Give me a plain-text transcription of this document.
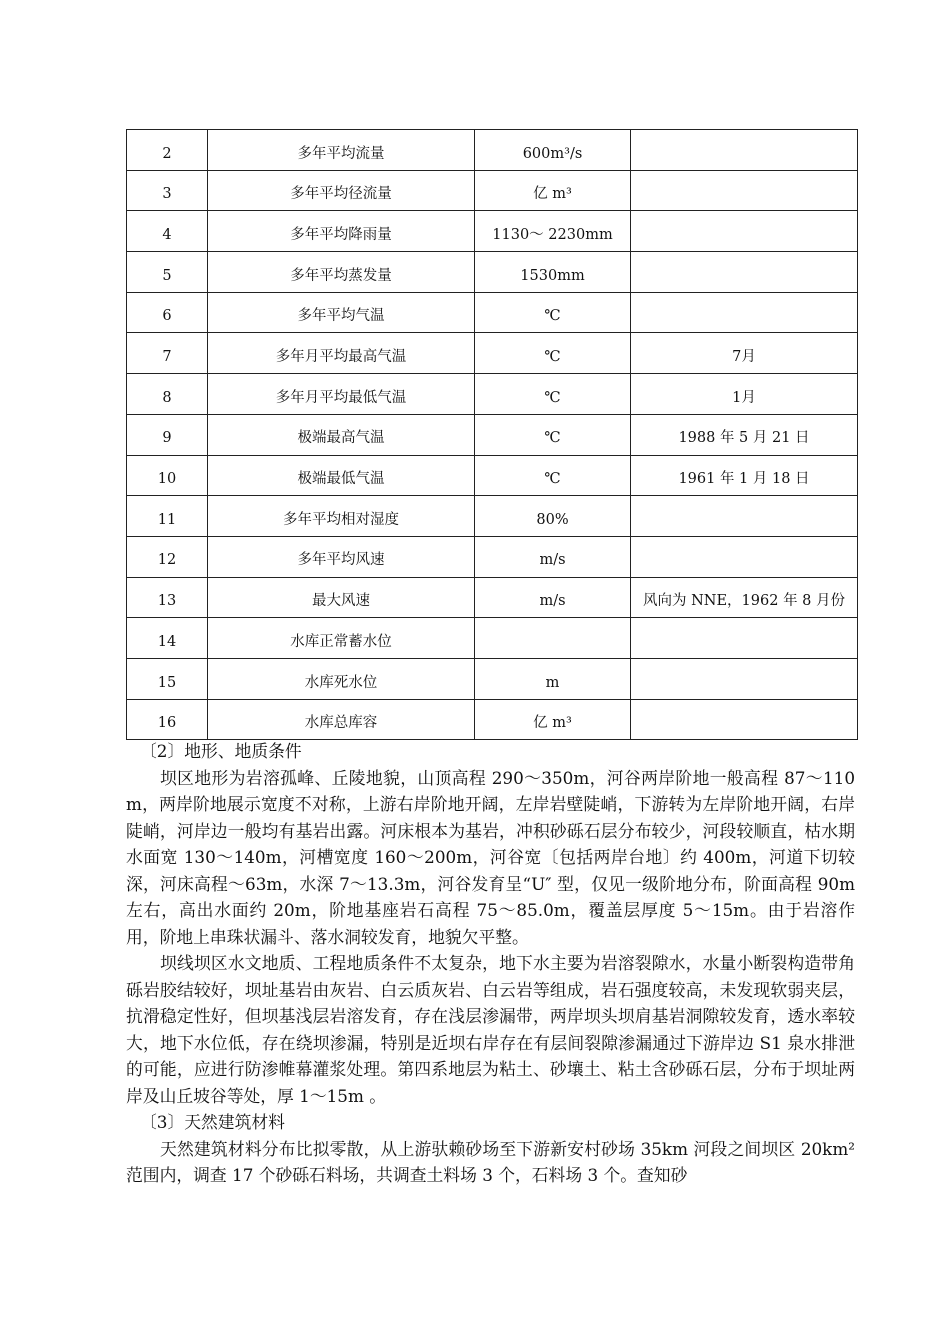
2	多年平均流量	600m³/s	
3	多年平均径流量	亿 m³	
4	多年平均降雨量	1130～ 2230mm	
5	多年平均蒸发量	1530mm	
6	多年平均气温	℃	
7	多年月平均最高气温	℃	7月
8	多年月平均最低气温	℃	1月
9	极端最高气温	℃	1988 年 5 月 21 日
10	极端最低气温	℃	1961 年 1 月 18 日
11	多年平均相对湿度	80%	
12	多年平均风速	m/s	
13	最大风速	m/s	风向为 NNE，1962 年 8 月份
14	水库正常蓄水位		
15	水库死水位	m	
16	水库总库容	亿 m³	

〔2〕地形、地质条件

坝区地形为岩溶孤峰、丘陵地貌，山顶高程 290～350m，河谷两岸阶地一般高程 87～110m，两岸阶地展示宽度不对称，上游右岸阶地开阔，左岸岩壁陡峭，下游转为左岸阶地开阔，右岸陡峭，河岸边一般均有基岩出露。河床根本为基岩，冲积砂砾石层分布较少，河段较顺直，枯水期水面宽 130～140m，河槽宽度 160～200m，河谷宽〔包括两岸台地〕约 400m，河道下切较深，河床高程～63m，水深 7～13.3m，河谷发育呈“U″ 型，仅见一级阶地分布，阶面高程 90m 左右，高出水面约 20m，阶地基座岩石高程 75～85.0m，覆盖层厚度 5～15m。由于岩溶作用，阶地上串珠状漏斗、落水洞较发育，地貌欠平整。

坝线坝区水文地质、工程地质条件不太复杂，地下水主要为岩溶裂隙水，水量小断裂构造带角砾岩胶结较好，坝址基岩由灰岩、白云质灰岩、白云岩等组成，岩石强度较高，未发现软弱夹层，抗滑稳定性好，但坝基浅层岩溶发育，存在浅层渗漏带，两岸坝头坝肩基岩洞隙较发育，透水率较大，地下水位低，存在绕坝渗漏，特别是近坝右岸存在有层间裂隙渗漏通过下游岸边 S1 泉水排泄的可能，应进行防渗帷幕灌浆处理。第四系地层为粘土、砂壤土、粘土含砂砾石层，分布于坝址两岸及山丘坡谷等处，厚 1～15m 。

〔3〕天然建筑材料

天然建筑材料分布比拟零散，从上游驮赖砂场至下游新安村砂场 35km 河段之间坝区 20km² 范围内，调查 17 个砂砾石料场，共调查土料场 3 个，石料场 3 个。查知砂
